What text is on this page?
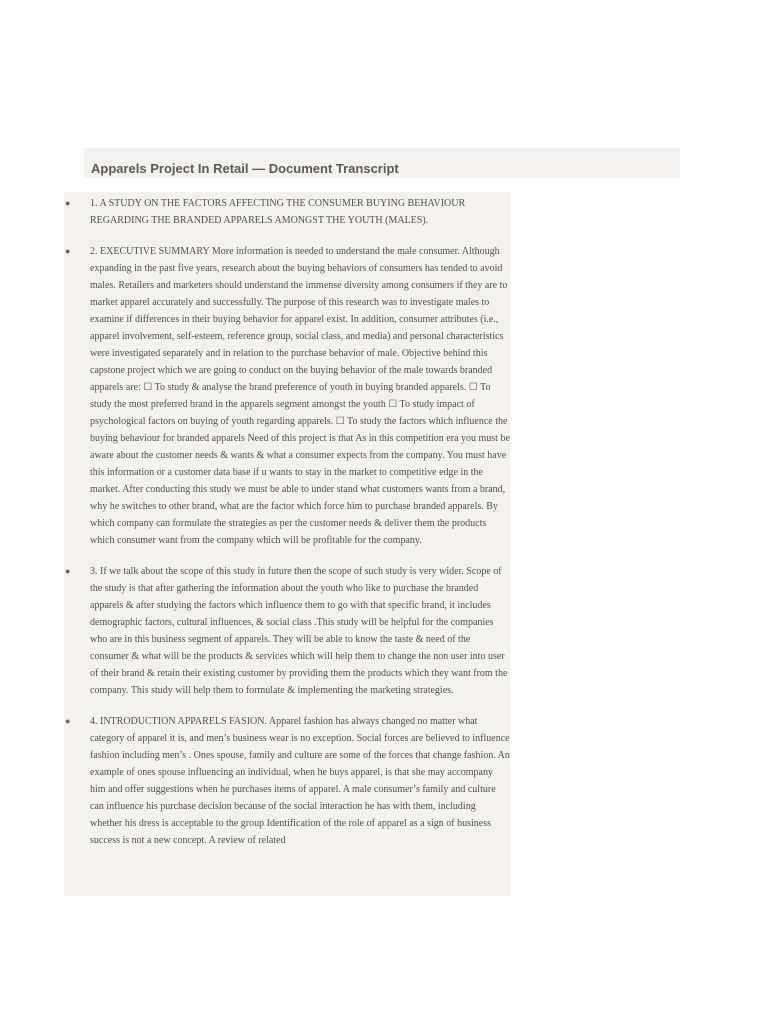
Apparels Project In Retail — Document Transcript
● 1. A STUDY ON THE FACTORS AFFECTING THE CONSUMER BUYING BEHAVIOUR REGARDING THE BRANDED APPARELS AMONGST THE YOUTH (MALES).
● 2. EXECUTIVE SUMMARY More information is needed to understand the male consumer. Although expanding in the past five years, research about the buying behaviors of consumers has tended to avoid males. Retailers and marketers should understand the immense diversity among consumers if they are to market apparel accurately and successfully. The purpose of this research was to investigate males to examine if differences in their buying behavior for apparel exist. In addition, consumer attributes (i.e., apparel involvement, self-esteem, reference group, social class, and media) and personal characteristics were investigated separately and in relation to the purchase behavior of male. Objective behind this capstone project which we are going to conduct on the buying behavior of the male towards branded apparels are: ☐ To study & analyse the brand preference of youth in buying branded apparels. ☐ To study the most preferred brand in the apparels segment amongst the youth ☐ To study impact of psychological factors on buying of youth regarding apparels. ☐ To study the factors which influence the buying behaviour for branded apparels Need of this project is that As in this competition era you must be aware about the customer needs & wants & what a consumer expects from the company. You must have this information or a customer data base if u wants to stay in the market to competitive edge in the market. After conducting this study we must be able to under stand what customers wants from a brand, why he switches to other brand, what are the factor which force him to purchase branded apparels. By which company can formulate the strategies as per the customer needs & deliver them the products which consumer want from the company which will be profitable for the company.
● 3. If we talk about the scope of this study in future then the scope of such study is very wider. Scope of the study is that after gathering the information about the youth who like to purchase the branded apparels & after studying the factors which influence them to go with that specific brand, it includes demographic factors, cultural influences, & social class .This study will be helpful for the companies who are in this business segment of apparels. They will be able to know the taste & need of the consumer & what will be the products & services which will help them to change the non user into user of their brand & retain their existing customer by providing them the products which they want from the company. This study will help them to formulate & implementing the marketing strategies.
● 4. INTRODUCTION APPARELS FASION. Apparel fashion has always changed no matter what category of apparel it is, and men’s business wear is no exception. Social forces are believed to influence fashion including men’s . Ones spouse, family and culture are some of the forces that change fashion. An example of ones spouse influencing an individual, when he buys apparel, is that she may accompany him and offer suggestions when he purchases items of apparel. A male consumer’s family and culture can influence his purchase decision because of the social interaction he has with them, including whether his dress is acceptable to the group Identification of the role of apparel as a sign of business success is not a new concept. A review of related
